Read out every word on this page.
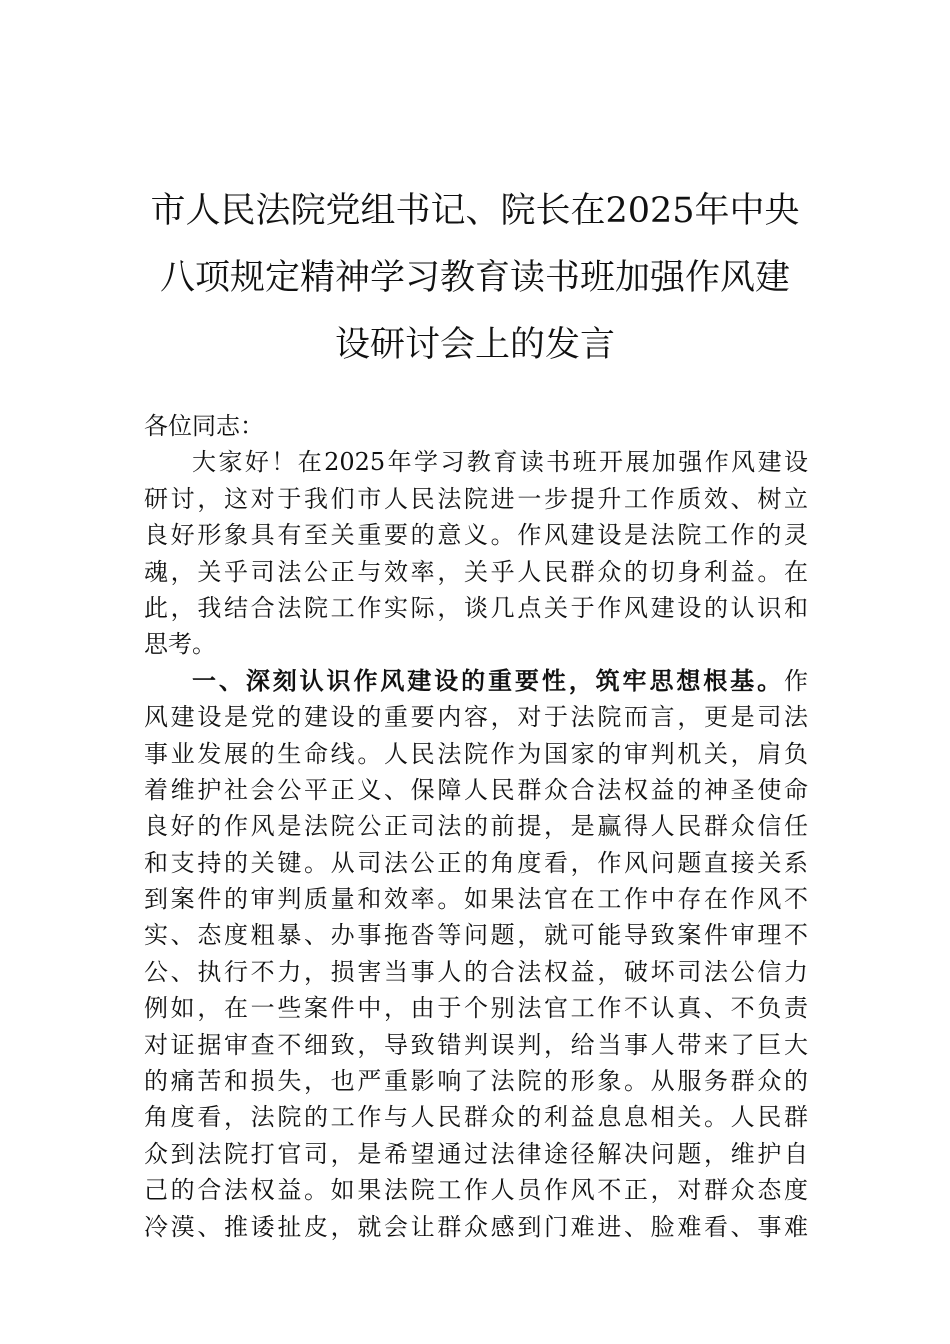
市人民法院党组书记、院长在2025年中央
八项规定精神学习教育读书班加强作风建
设研讨会上的发言

各位同志：

大家好！在2025年学习教育读书班开展加强作风建设
研讨，这对于我们市人民法院进一步提升工作质效、树立
良好形象具有至关重要的意义。作风建设是法院工作的灵
魂，关乎司法公正与效率，关乎人民群众的切身利益。在
此，我结合法院工作实际，谈几点关于作风建设的认识和
思考。

一、深刻认识作风建设的重要性，筑牢思想根基。作
风建设是党的建设的重要内容，对于法院而言，更是司法
事业发展的生命线。人民法院作为国家的审判机关，肩负
着维护社会公平正义、保障人民群众合法权益的神圣使命
良好的作风是法院公正司法的前提，是赢得人民群众信任
和支持的关键。从司法公正的角度看，作风问题直接关系
到案件的审判质量和效率。如果法官在工作中存在作风不
实、态度粗暴、办事拖沓等问题，就可能导致案件审理不
公、执行不力，损害当事人的合法权益，破坏司法公信力
例如，在一些案件中，由于个别法官工作不认真、不负责
对证据审查不细致，导致错判误判，给当事人带来了巨大
的痛苦和损失，也严重影响了法院的形象。从服务群众的
角度看，法院的工作与人民群众的利益息息相关。人民群
众到法院打官司，是希望通过法律途径解决问题，维护自
己的合法权益。如果法院工作人员作风不正，对群众态度
冷漠、推诿扯皮，就会让群众感到门难进、脸难看、事难
